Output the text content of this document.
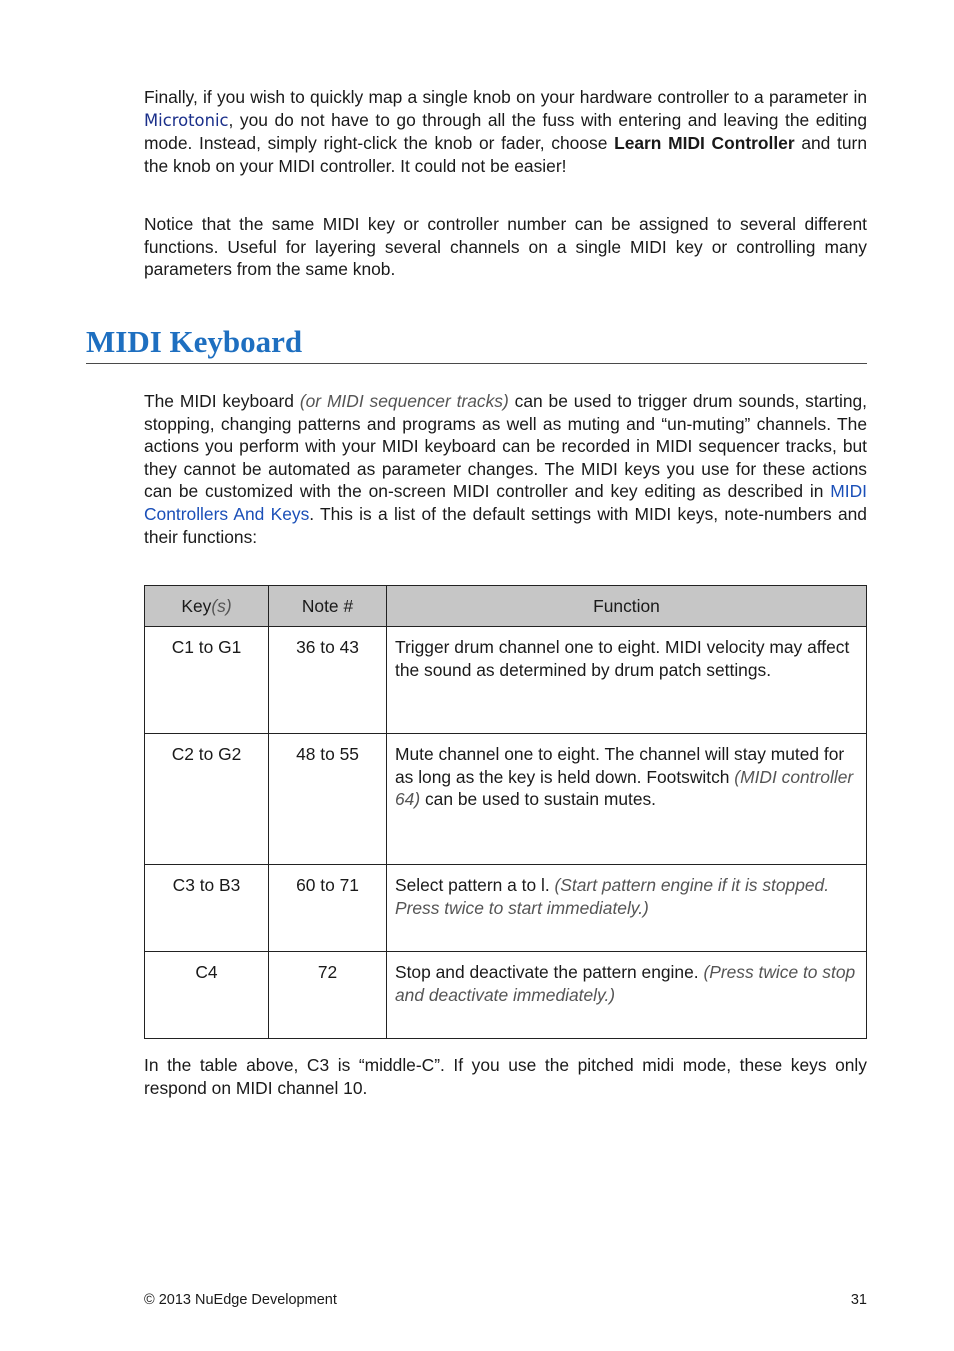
Finally, if you wish to quickly map a single knob on your hardware controller to a parameter in Microtonic, you do not have to go through all the fuss with entering and leaving the editing mode. Instead, simply right-click the knob or fader, choose Learn MIDI Controller and turn the knob on your MIDI controller. It could not be easier!

Notice that the same MIDI key or controller number can be assigned to several different functions. Useful for layering several channels on a single MIDI key or controlling many parameters from the same knob.

MIDI Keyboard

The MIDI keyboard (or MIDI sequencer tracks) can be used to trigger drum sounds, starting, stopping, changing patterns and programs as well as muting and “un-muting” channels. The actions you perform with your MIDI keyboard can be recorded in MIDI sequencer tracks, but they cannot be automated as parameter changes. The MIDI keys you use for these actions can be customized with the on-screen MIDI controller and key editing as described in MIDI Controllers And Keys. This is a list of the default settings with MIDI keys, note-numbers and their functions:

Key(s)	Note #	Function
C1 to G1	36 to 43	Trigger drum channel one to eight. MIDI velocity may affect the sound as determined by drum patch settings.
C2 to G2	48 to 55	Mute channel one to eight. The channel will stay muted for as long as the key is held down. Footswitch (MIDI controller 64) can be used to sustain mutes.
C3 to B3	60 to 71	Select pattern a to l. (Start pattern engine if it is stopped. Press twice to start immediately.)
C4	72	Stop and deactivate the pattern engine. (Press twice to stop and deactivate immediately.)

In the table above, C3 is “middle-C”. If you use the pitched midi mode, these keys only respond on MIDI channel 10.

© 2013 NuEdge Development	31
